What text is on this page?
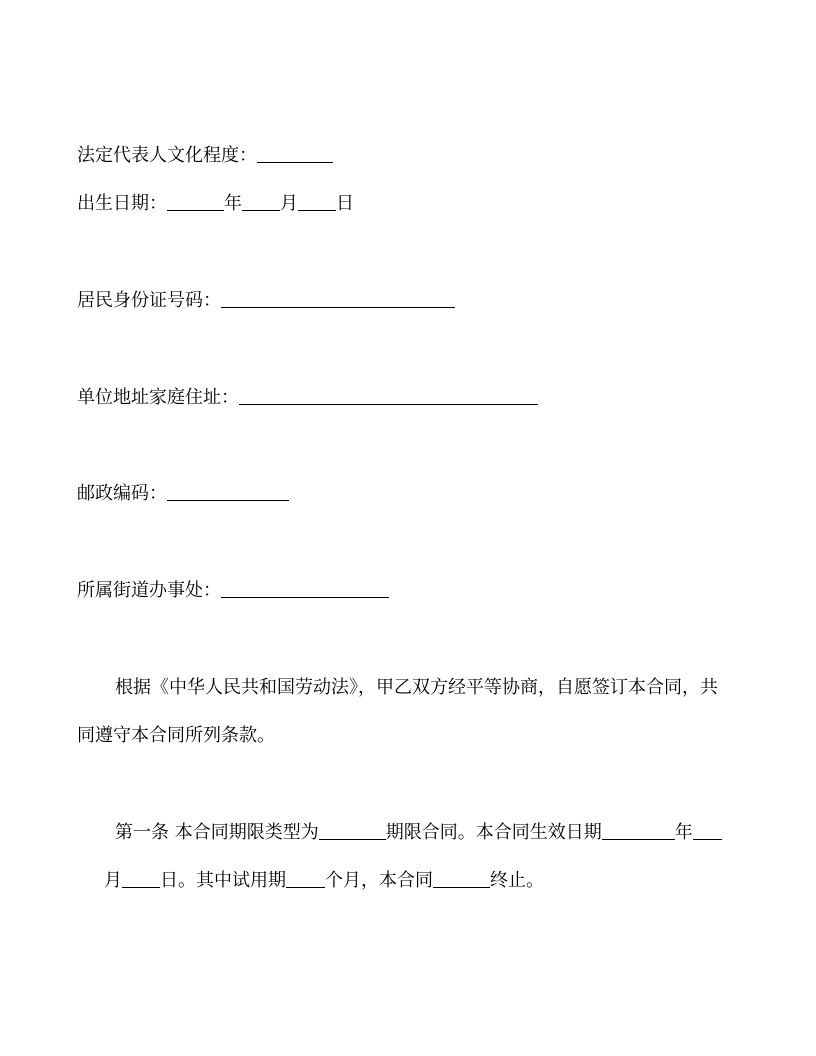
法定代表人文化程度：
出生日期：	年 月 日
居民身份证号码：
单位地址家庭住址：
邮政编码：
所属街道办事处：
根据《中华人民共和国劳动法》，甲乙双方经平等协商，自愿签订本合同，共
同遵守本合同所列条款。
第一条 本合同期限类型为	期限合同。本合同生效日期	年
月 日。其中试用期 个月，本合同	终止。
